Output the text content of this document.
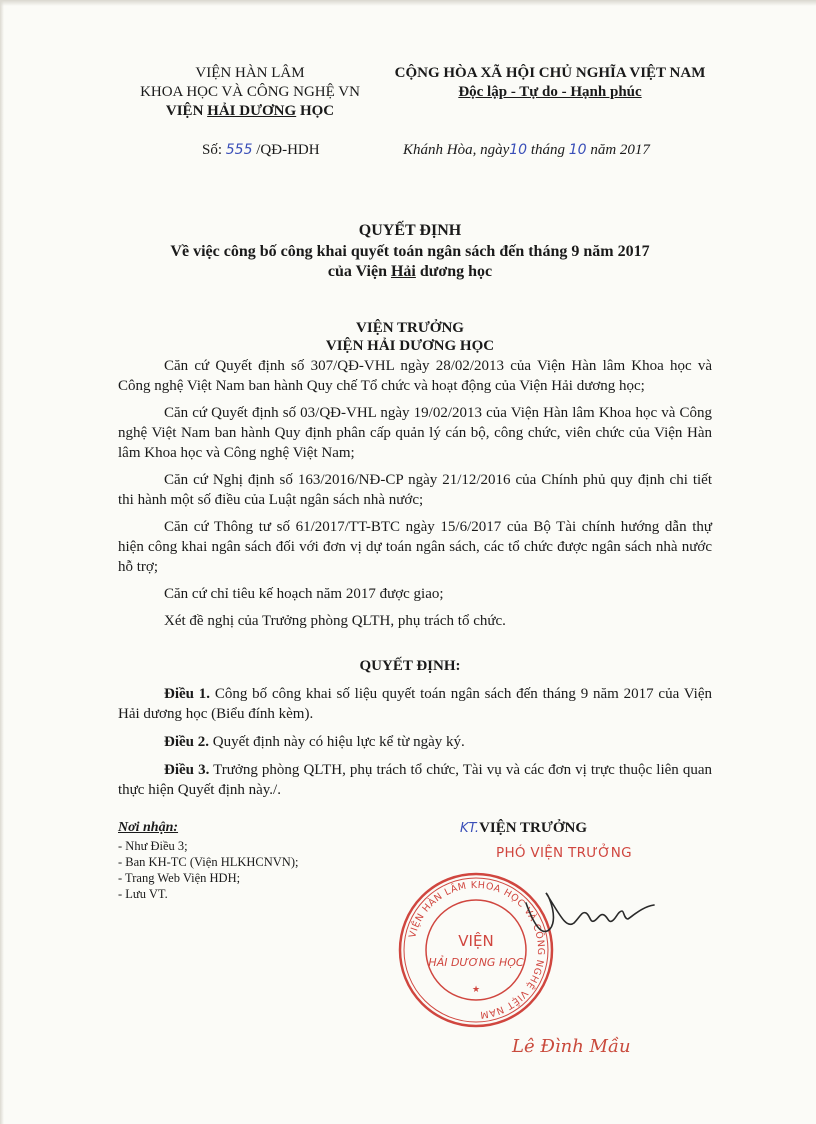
VIỆN HÀN LÂM
KHOA HỌC VÀ CÔNG NGHỆ VN
VIỆN HẢI DƯƠNG HỌC
CỘNG HÒA XÃ HỘI CHỦ NGHĨA VIỆT NAM
Độc lập - Tự do - Hạnh phúc
Số: 555 /QĐ-HDH	Khánh Hòa, ngày10 tháng 10 năm 2017
QUYẾT ĐỊNH
Về việc công bố công khai quyết toán ngân sách đến tháng 9 năm 2017
của Viện Hải dương học
VIỆN TRƯỞNG
VIỆN HẢI DƯƠNG HỌC

Căn cứ Quyết định số 307/QĐ-VHL ngày 28/02/2013 của Viện Hàn lâm Khoa học và Công nghệ Việt Nam ban hành Quy chế Tổ chức và hoạt động của Viện Hải dương học;

Căn cứ Quyết định số 03/QĐ-VHL ngày 19/02/2013 của Viện Hàn lâm Khoa học và Công nghệ Việt Nam ban hành Quy định phân cấp quản lý cán bộ, công chức, viên chức của Viện Hàn lâm Khoa học và Công nghệ Việt Nam;

Căn cứ Nghị định số 163/2016/NĐ-CP ngày 21/12/2016 của Chính phủ quy định chi tiết thi hành một số điều của Luật ngân sách nhà nước;

Căn cứ Thông tư số 61/2017/TT-BTC ngày 15/6/2017 của Bộ Tài chính hướng dẫn thự hiện công khai ngân sách đối với đơn vị dự toán ngân sách, các tổ chức được ngân sách nhà nước hỗ trợ;

Căn cứ chỉ tiêu kế hoạch năm 2017 được giao;

Xét đề nghị của Trưởng phòng QLTH, phụ trách tổ chức.

QUYẾT ĐỊNH:

Điều 1. Công bố công khai số liệu quyết toán ngân sách đến tháng 9 năm 2017 của Viện Hải dương học (Biểu đính kèm).

Điều 2. Quyết định này có hiệu lực kể từ ngày ký.

Điều 3. Trưởng phòng QLTH, phụ trách tổ chức, Tài vụ và các đơn vị trực thuộc liên quan thực hiện Quyết định này./.

Nơi nhận:
- Như Điều 3;
- Ban KH-TC (Viện HLKHCNVN);
- Trang Web Viện HDH;
- Lưu VT.
KT.VIỆN TRƯỞNG
PHÓ VIỆN TRƯỞNG
VIỆN HÀN LÂM KHOA HỌC VÀ CÔNG NGHỆ VIỆT NAM
VIỆN
HẢI DƯƠNG HỌC
★
Lê Đình Mầu
